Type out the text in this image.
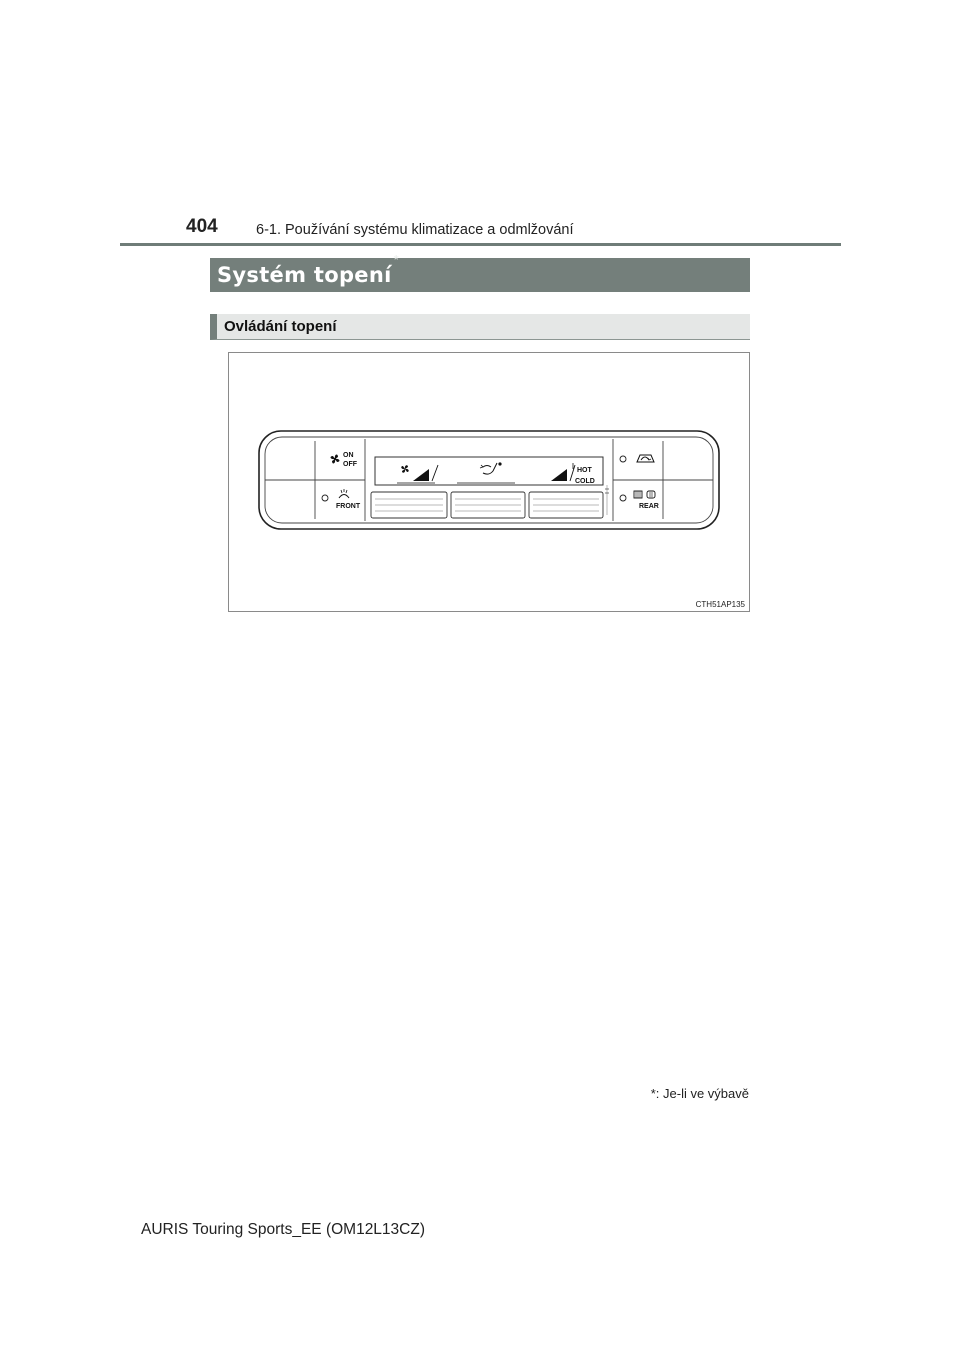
404	6-1. Používání systému klimatizace a odmlžování
Systém topení*
Ovládání topení
ON
OFF
FRONT
HOT
COLD
REAR
CTH51AP135
*: Je-li ve výbavě
AURIS Touring Sports_EE (OM12L13CZ)
